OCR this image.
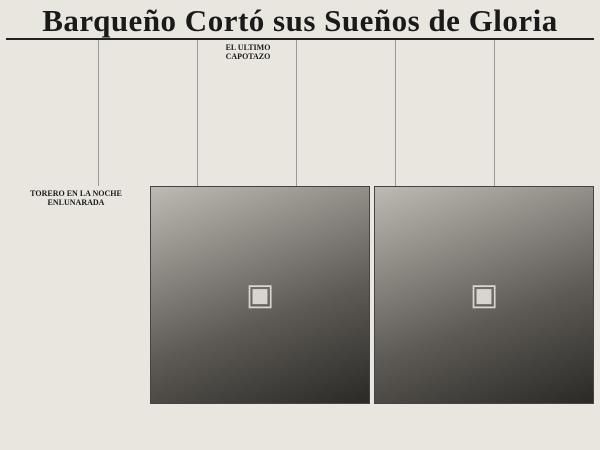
Barqueño Cortó sus Sueños de Gloria
EL ULTIMO CAPOTAZO
TORERO EN LA NOCHE ENLUNARADA
▣	▣
